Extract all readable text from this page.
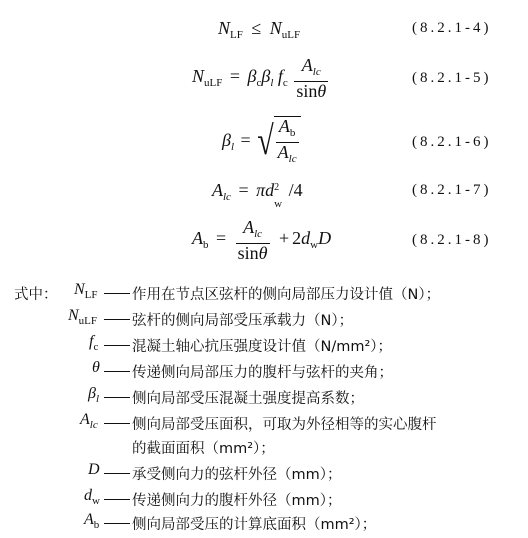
$N_{LF} \le N_{uLF}$	(8.2.1-4)
$N_{uLF} = \beta_c\beta_l$ $f_c \frac{A_{lc}}{\sin\theta}$	(8.2.1-5)
$\beta_l$ = √ $\frac{A_b}{A_{lc}}$	(8.2.1-6)
$A_{lc} = \pi d$ 2
w
/4	(8.2.1-7)
$A_b = \frac{A_{lc}}{\sin\theta} + 2d_wD$	(8.2.1-8)
式中： $N_{LF}$ 作用在节点区弦杆的侧向局部压力设计值（N）；
$N_{uLF}$ 弦杆的侧向局部受压承载力（N）；
$f_c$ 混凝土轴心抗压强度设计值（N/mm²）；
θ 传递侧向局部压力的腹杆与弦杆的夹角；
$\beta_l$ 侧向局部受压混凝土强度提高系数；
$A_{lc}$ 侧向局部受压面积，可取为外径相等的实心腹杆
的截面面积（mm²）；
D 承受侧向力的弦杆外径（mm）；
$d_w$ 传递侧向力的腹杆外径（mm）；
$A_b$ 侧向局部受压的计算底面积（mm²）；
